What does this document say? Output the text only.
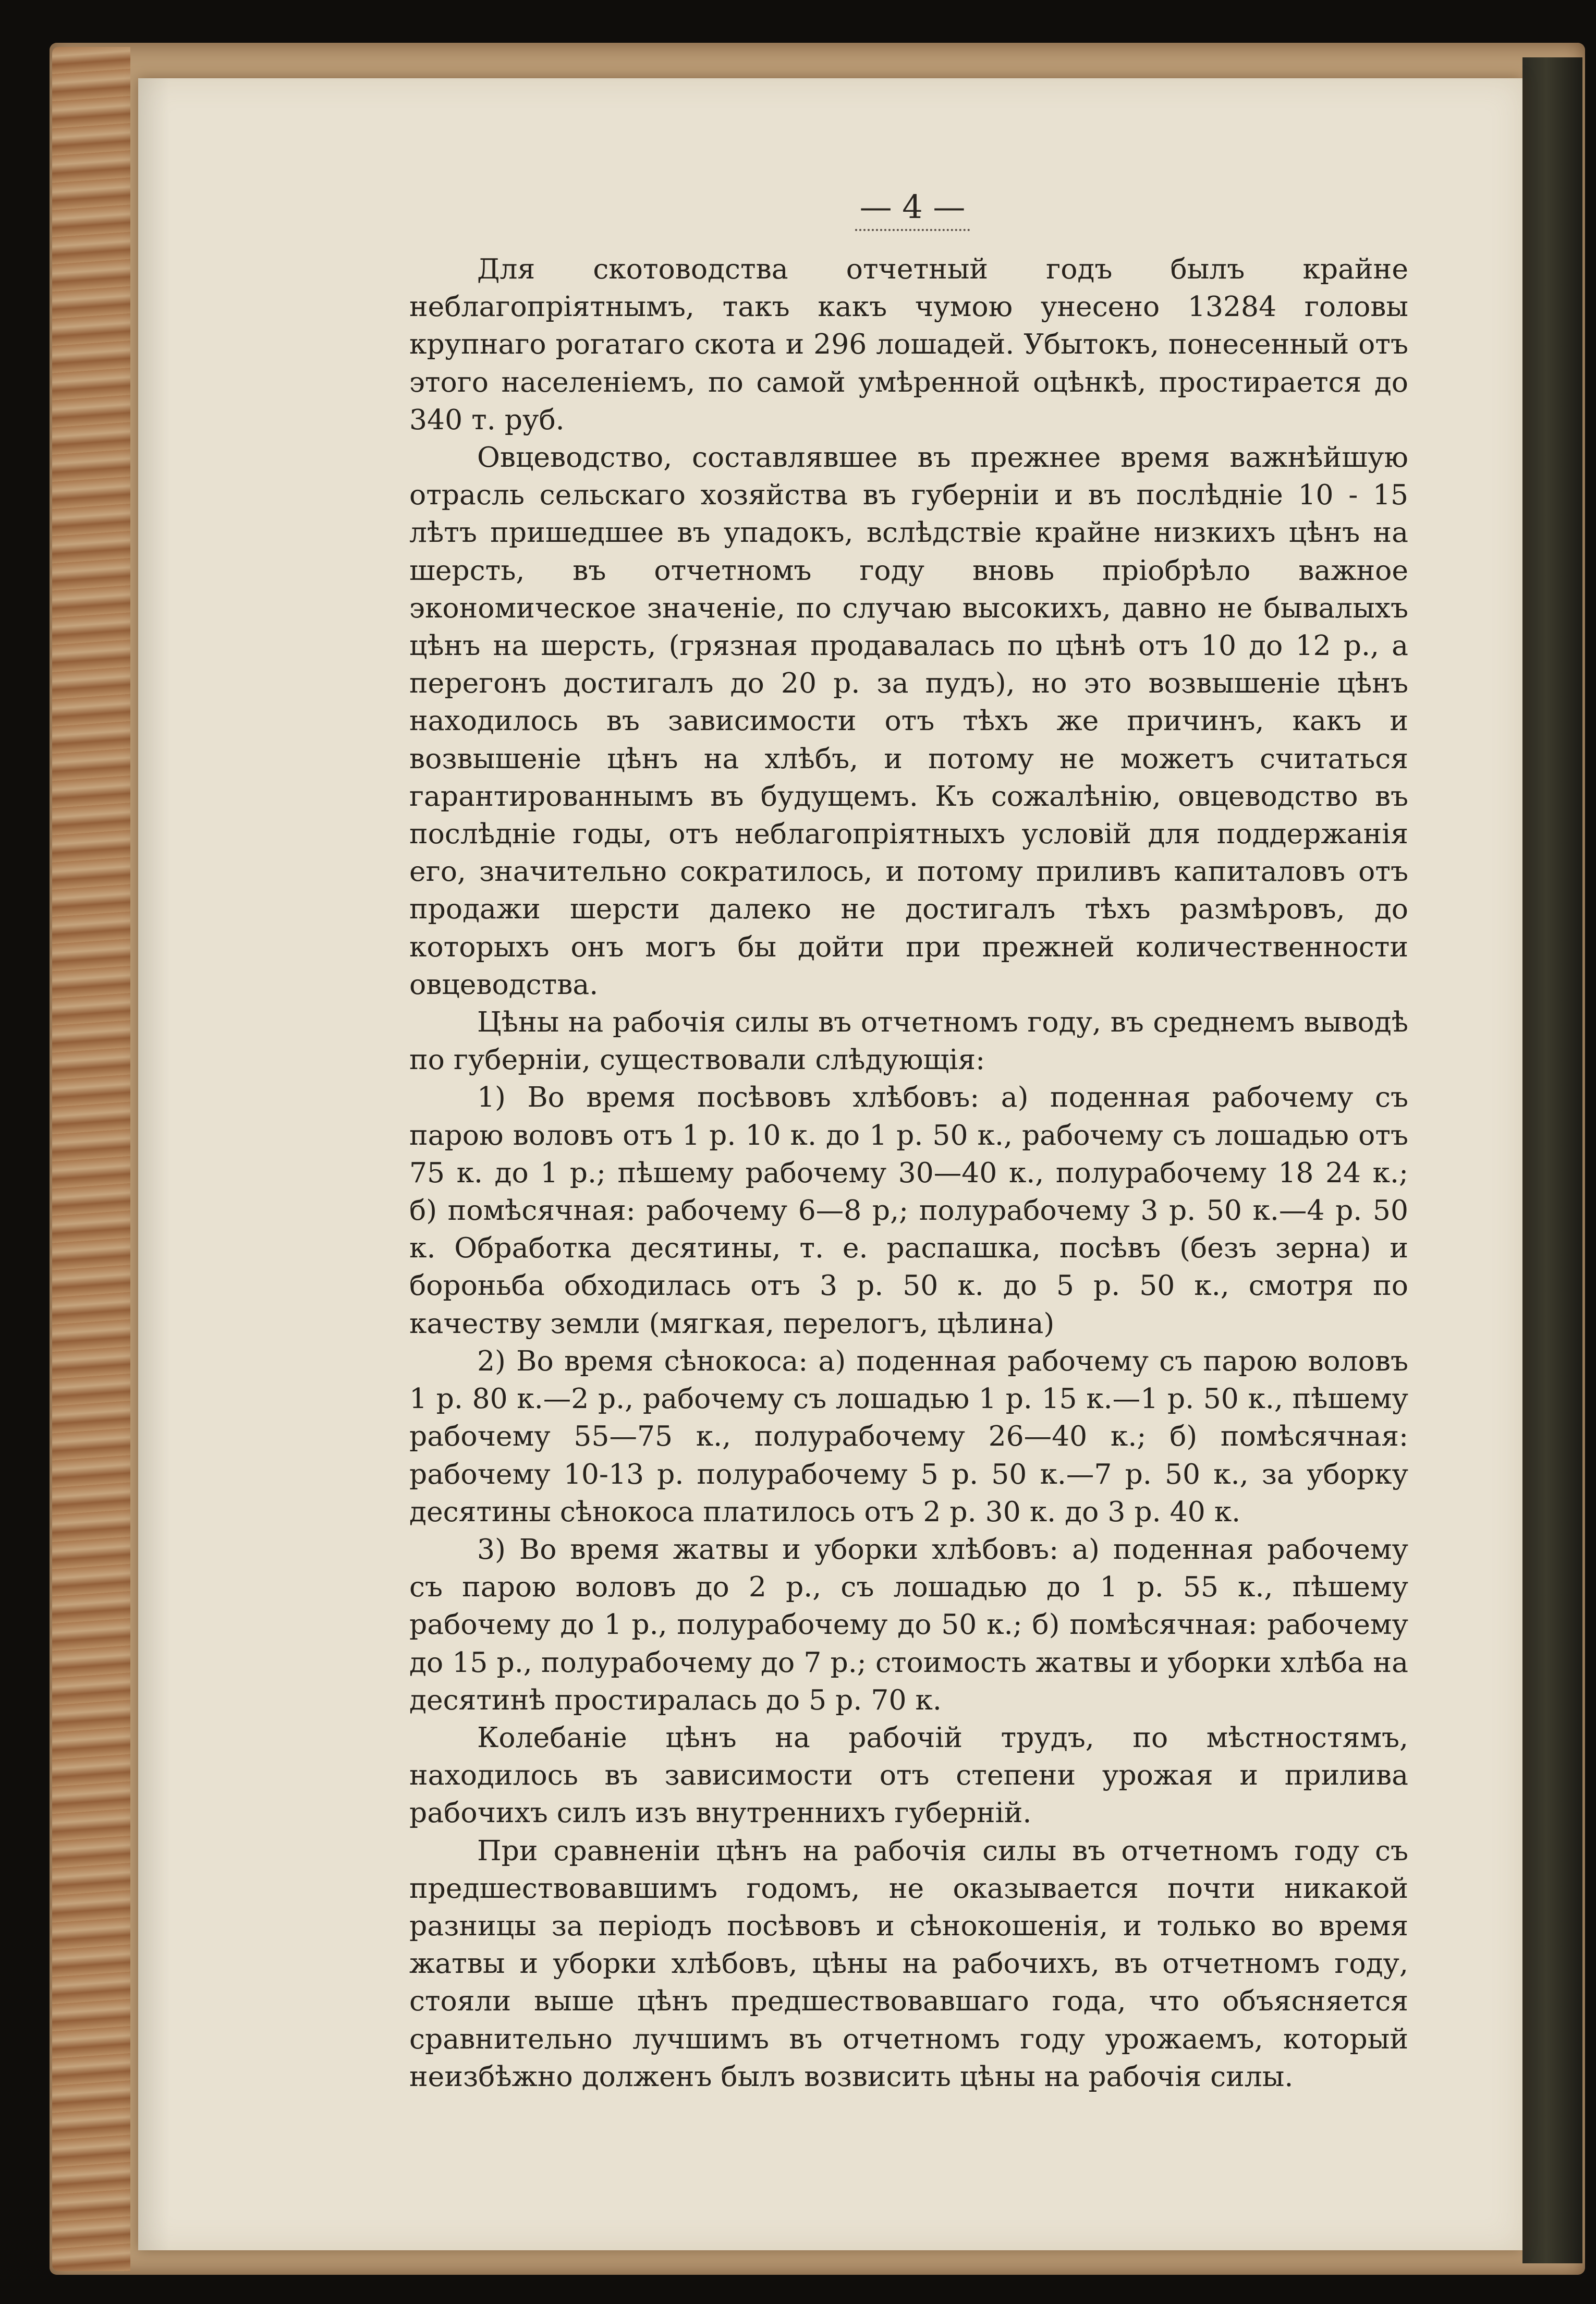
— 4 —

Для скотоводства отчетный годъ былъ крайне неблагопріятнымъ, такъ какъ чумою унесено 13284 головы крупнаго рогатаго скота и 296 лошадей. Убытокъ, понесенный отъ этого населеніемъ, по самой умѣренной оцѣнкѣ, простирается до 340 т. руб.

Овцеводство, составлявшее въ прежнее время важнѣйшую отрасль сельскаго хозяйства въ губерніи и въ послѣдніе 10 - 15 лѣтъ пришедшее въ упадокъ, вслѣдствіе крайне низкихъ цѣнъ на шерсть, въ отчетномъ году вновь пріобрѣло важное экономическое значеніе, по случаю высокихъ, давно не бывалыхъ цѣнъ на шерсть, (грязная продавалась по цѣнѣ отъ 10 до 12 р., а перегонъ достигалъ до 20 р. за пудъ), но это возвышеніе цѣнъ находилось въ зависимости отъ тѣхъ же причинъ, какъ и возвышеніе цѣнъ на хлѣбъ, и потому не можетъ считаться гарантированнымъ въ будущемъ. Къ сожалѣнію, овцеводство въ послѣдніе годы, отъ неблагопріятныхъ условій для поддержанія его, значительно сократилось, и потому приливъ капиталовъ отъ продажи шерсти далеко не достигалъ тѣхъ размѣровъ, до которыхъ онъ могъ бы дойти при прежней количественности овцеводства.

Цѣны на рабочія силы въ отчетномъ году, въ среднемъ выводѣ по губерніи, существовали слѣдующія:

1) Во время посѣвовъ хлѣбовъ: а) поденная рабочему съ парою воловъ отъ 1 р. 10 к. до 1 р. 50 к., рабочему съ лошадью отъ 75 к. до 1 р.; пѣшему рабочему 30—40 к., полурабочему 18 24 к.; б) помѣсячная: рабочему 6—8 р,; полурабочему 3 р. 50 к.—4 р. 50 к. Обработка десятины, т. е. распашка, посѣвъ (безъ зерна) и бороньба обходилась отъ 3 р. 50 к. до 5 р. 50 к., смотря по качеству земли (мягкая, перелогъ, цѣлина)

2) Во время сѣнокоса: а) поденная рабочему съ парою воловъ 1 р. 80 к.—2 р., рабочему съ лошадью 1 р. 15 к.—1 р. 50 к., пѣшему рабочему 55—75 к., полурабочему 26—40 к.; б) помѣсячная: рабочему 10-13 р. полурабочему 5 р. 50 к.—7 р. 50 к., за уборку десятины сѣнокоса платилось отъ 2 р. 30 к. до 3 р. 40 к.

3) Во время жатвы и уборки хлѣбовъ: а) поденная рабочему съ парою воловъ до 2 р., съ лошадью до 1 р. 55 к., пѣшему рабочему до 1 р., полурабочему до 50 к.; б) помѣсячная: рабочему до 15 р., полурабочему до 7 р.; стоимость жатвы и уборки хлѣба на десятинѣ простиралась до 5 р. 70 к.

Колебаніе цѣнъ на рабочій трудъ, по мѣстностямъ, находилось въ зависимости отъ степени урожая и прилива рабочихъ силъ изъ внутреннихъ губерній.

При сравненіи цѣнъ на рабочія силы въ отчетномъ году съ предшествовавшимъ годомъ, не оказывается почти никакой разницы за періодъ посѣвовъ и сѣнокошенія, и только во время жатвы и уборки хлѣбовъ, цѣны на рабочихъ, въ отчетномъ году, стояли выше цѣнъ предшествовавшаго года, что объясняется сравнительно лучшимъ въ отчетномъ году урожаемъ, который неизбѣжно долженъ былъ возвисить цѣны на рабочія силы.
